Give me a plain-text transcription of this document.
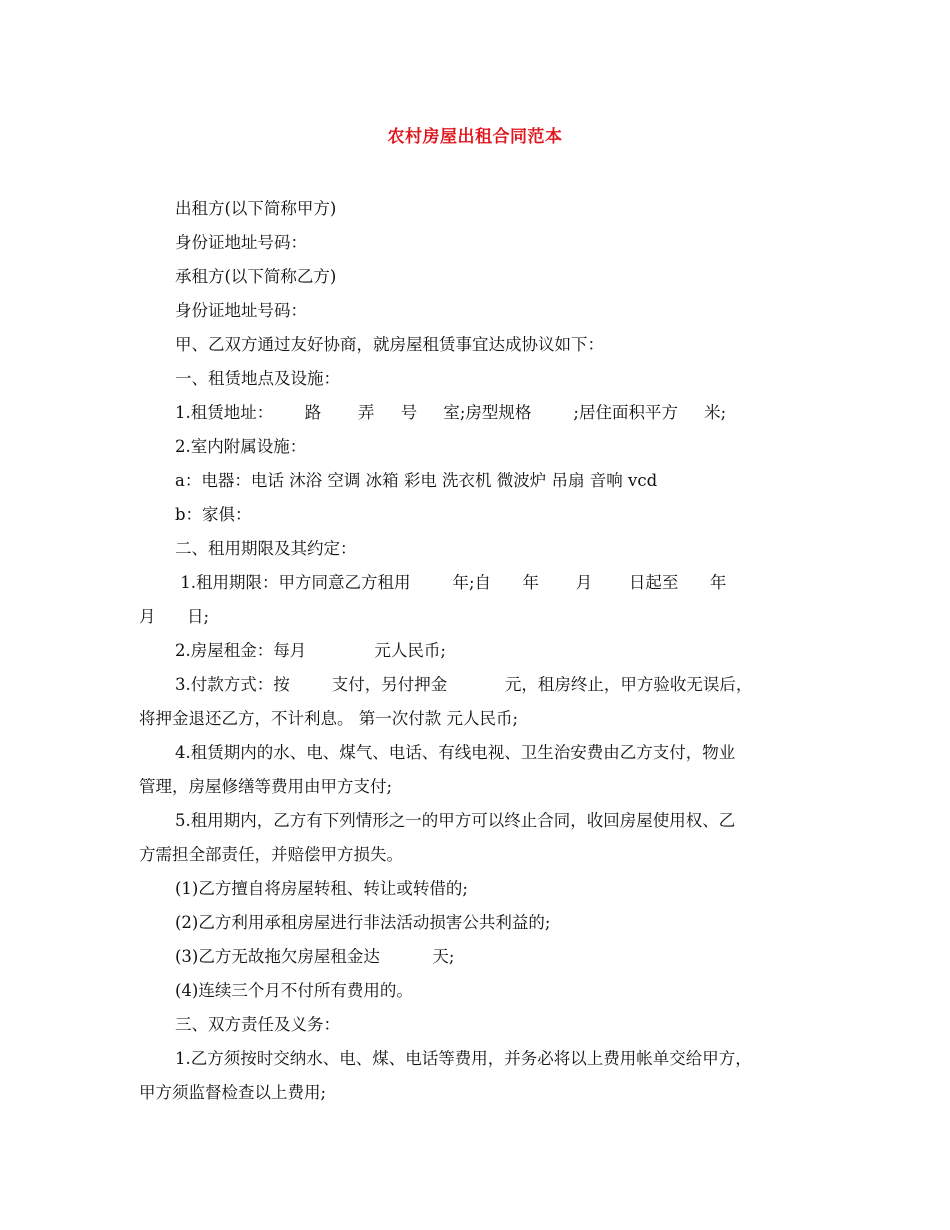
农村房屋出租合同范本
出租方(以下简称甲方)
身份证地址号码：
承租方(以下简称乙方)
身份证地址号码：
甲、乙双方通过友好协商，就房屋租赁事宜达成协议如下：
一、租赁地点及设施：
1.租赁地址：      路       弄     号     室;房型规格        ;居住面积平方     米;
2.室内附属设施：
a：电器：电话 沐浴 空调 冰箱 彩电 洗衣机 微波炉 吊扇 音响 vcd
b：家俱：
二、租用期限及其约定：
1.租用期限：甲方同意乙方租用        年;自      年       月       日起至      年
月      日;
2.房屋租金：每月             元人民币;
3.付款方式：按        支付，另付押金           元，租房终止，甲方验收无误后，
将押金退还乙方，不计利息。 第一次付款 元人民币;
4.租赁期内的水、电、煤气、电话、有线电视、卫生治安费由乙方支付，物业
管理，房屋修缮等费用由甲方支付;
5.租用期内，乙方有下列情形之一的甲方可以终止合同，收回房屋使用权、乙
方需担全部责任，并赔偿甲方损失。
(1)乙方擅自将房屋转租、转让或转借的;
(2)乙方利用承租房屋进行非法活动损害公共利益的;
(3)乙方无故拖欠房屋租金达          天;
(4)连续三个月不付所有费用的。
三、双方责任及义务：
1.乙方须按时交纳水、电、煤、电话等费用，并务必将以上费用帐单交给甲方，
甲方须监督检查以上费用;
